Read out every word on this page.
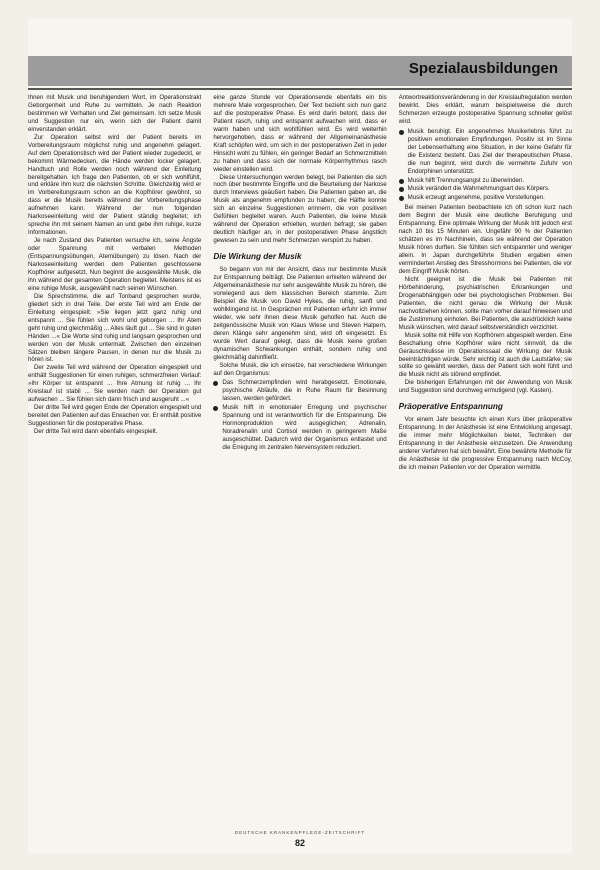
Spezialausbildungen

Ihnen mit Musik und beruhigendem Wort, im Operationstrakt Geborgenheit und Ruhe zu vermitteln. Je nach Reaktion bestimmen wir Verhalten und Ziel gemeinsam. Ich setze Musik und Suggestion nur ein, wenn sich der Patient damit einverstanden erklärt.

Zur Operation selbst wird der Patient bereits im Vorbereitungsraum möglichst ruhig und angenehm gelagert. Auf dem Operationstisch wird der Patient wieder zugedeckt, er bekommt Wärmedecken, die Hände werden locker gelagert. Handtuch und Rolle werden noch während der Einleitung bereitgehalten. Ich frage den Patienten, ob er sich wohlfühlt, und erkläre ihm kurz die nächsten Schritte. Gleichzeitig wird er im Vorbereitungsraum schon an die Kopfhörer gewöhnt, so dass er die Musik bereits während der Vorbereitungsphase aufnehmen kann. Während der nun folgenden Narkoseeinleitung wird der Patient ständig begleitet; ich spreche ihn mit seinem Namen an und gebe ihm ruhige, kurze Informationen.

Je nach Zustand des Patienten versuche ich, seine Ängste oder Spannung mit verbalen Methoden (Entspannungsübungen, Atemübungen) zu lösen. Nach der Narkoseeinleitung werden dem Patienten geschlossene Kopfhörer aufgesetzt. Nun beginnt die ausgewählte Musik, die ihn während der gesamten Operation begleitet. Meistens ist es eine ruhige Musik, ausgewählt nach seinen Wünschen.

Die Sprechstimme, die auf Tonband gesprochen wurde, gliedert sich in drei Teile. Der erste Teil wird am Ende der Einleitung eingespielt: »Sie liegen jetzt ganz ruhig und entspannt ... Sie fühlen sich wohl und geborgen ... Ihr Atem geht ruhig und gleichmäßig ... Alles läuft gut ... Sie sind in guten Händen ...« Die Worte sind ruhig und langsam gesprochen und werden von der Musik untermalt. Zwischen den einzelnen Sätzen bleiben längere Pausen, in denen nur die Musik zu hören ist.

Der zweite Teil wird während der Operation eingespielt und enthält Suggestionen für einen ruhigen, schmerzfreien Verlauf: »Ihr Körper ist entspannt ... Ihre Atmung ist ruhig ... Ihr Kreislauf ist stabil ... Sie werden nach der Operation gut aufwachen ... Sie fühlen sich dann frisch und ausgeruht ...«

Der dritte Teil wird gegen Ende der Operation eingespielt und bereitet den Patienten auf das Erwachen vor. Er enthält positive Suggestionen für die postoperative Phase.

Der dritte Teil wird dann ebenfalls eingespielt.

eine ganze Stunde vor Operationsende ebenfalls ein bis mehrere Male vorgesprochen. Der Text bezieht sich nun ganz auf die postoperative Phase. Es wird darin betont, dass der Patient rasch, ruhig und entspannt aufwachen wird, dass er warm haben und sich wohlfühlen wird. Es wird weiterhin hervorgehoben, dass er während der Allgemeinanästhesie Kraft schöpfen wird, um sich in der postoperativen Zeit in jeder Hinsicht wohl zu fühlen, ein geringer Bedarf an Schmerzmitteln zu haben und dass sich der normale Körperrhythmus rasch wieder einstellen wird.

Diese Untersuchungen werden belegt, bei Patienten die sich noch über bestimmte Eingriffe und die Beurteilung der Narkose durch Interviews geäußert haben. Die Patienten gaben an, die Musik als angenehm empfunden zu haben; die Hälfte konnte sich an einzelne Suggestionen erinnern, die von positiven Gefühlen begleitet waren. Auch Patienten, die keine Musik während der Operation erhielten, wurden befragt; sie gaben deutlich häufiger an, in der postoperativen Phase ängstlich gewesen zu sein und mehr Schmerzen verspürt zu haben.

Die Wirkung der Musik

So begann von mir der Ansicht, dass nur bestimmte Musik zur Entspannung beiträgt. Die Patienten erhielten während der Allgemeinanästhesie nur sehr ausgewählte Musik zu hören, die vorwiegend aus dem klassischen Bereich stammte. Zum Beispiel die Musik von David Hykes, die ruhig, sanft und wohlklingend ist. In Gesprächen mit Patienten erfuhr ich immer wieder, wie sehr ihnen diese Musik geholfen hat. Auch die zeitgenössische Musik von Klaus Wiese und Steven Halpern, deren Klänge sehr angenehm sind, wird oft eingesetzt. Es wurde Wert darauf gelegt, dass die Musik keine großen dynamischen Schwankungen enthält, sondern ruhig und gleichmäßig dahinfließt.

Solche Musik, die ich einsetze, hat verschiedene Wirkungen auf den Organismus:

Das Schmerzempfinden wird herabgesetzt. Emotionale, psychische Abläufe, die in Ruhe Raum für Besinnung lassen, werden gefördert.
Musik hilft in emotionaler Erregung und psychischer Spannung und ist verantwortlich für die Entspannung. Die Hormonproduktion wird ausgeglichen; Adrenalin, Noradrenalin und Cortisol werden in geringerem Maße ausgeschüttet. Dadurch wird der Organismus entlastet und die Erregung im zentralen Nervensystem reduziert.

Antwortreaktionsveränderung in der Kreislaufregulation werden bewirkt. Dies erklärt, warum beispielsweise die durch Schmerzen erzeugte postoperative Spannung schneller gelöst wird.

Musik beruhigt. Ein angenehmes Musikerlebnis führt zu positiven emotionalen Empfindungen. Positiv ist im Sinne der Lebenserhaltung eine Situation, in der keine Gefahr für die Existenz besteht. Das Ziel der therapeutischen Phase, die nun beginnt, wird durch die vermehrte Zufuhr von Endorphinen unterstützt.
Musik hilft Trennungsangst zu überwinden.
Musik verändert die Wahrnehmungsart des Körpers.
Musik erzeugt angenehme, positive Vorstellungen.

Bei meinen Patienten beobachtete ich oft schon kurz nach dem Beginn der Musik eine deutliche Beruhigung und Entspannung. Eine optimale Wirkung der Musik tritt jedoch erst nach 10 bis 15 Minuten ein. Ungefähr 90 % der Patienten schätzen es im Nachhinein, dass sie während der Operation Musik hören durften. Sie fühlten sich entspannter und weniger allein. In Japan durchgeführte Studien ergaben einen verminderten Anstieg des Stresshormons bei Patienten, die vor dem Eingriff Musik hörten.

Nicht geeignet ist die Musik bei Patienten mit Hörbehinderung, psychiatrischen Erkrankungen und Drogenabhängigen oder bei psychologischen Problemen. Bei Patienten, die nicht genau die Wirkung der Musik nachvollziehen können, sollte man vorher darauf hinweisen und die Zustimmung einholen. Bei Patienten, die ausdrücklich keine Musik wünschen, wird darauf selbstverständlich verzichtet.

Musik sollte mit Hilfe von Kopfhörern abgespielt werden. Eine Beschallung ohne Kopfhörer wäre nicht sinnvoll, da die Geräuschkulisse im Operationssaal die Wirkung der Musik beeinträchtigen würde. Sehr wichtig ist auch die Lautstärke; sie sollte so gewählt werden, dass der Patient sich wohl fühlt und die Musik nicht als störend empfindet.

Die bisherigen Erfahrungen mit der Anwendung von Musik und Suggestion sind durchweg ermutigend (vgl. Kasten).

Präoperative Entspannung

Vor einem Jahr besuchte ich einen Kurs über präoperative Entspannung. In der Anästhesie ist eine Entwicklung angesagt, die immer mehr Möglichkeiten bietet, Techniken der Entspannung in der Anästhesie einzusetzen. Die Anwendung anderer Verfahren hat sich bewährt. Eine bewährte Methode für die Anästhesie ist die progressive Entspannung nach McCoy, die ich meinen Patienten vor der Operation vermittle.

DEUTSCHE KRANKENPFLEGE-ZEITSCHRIFT
82
